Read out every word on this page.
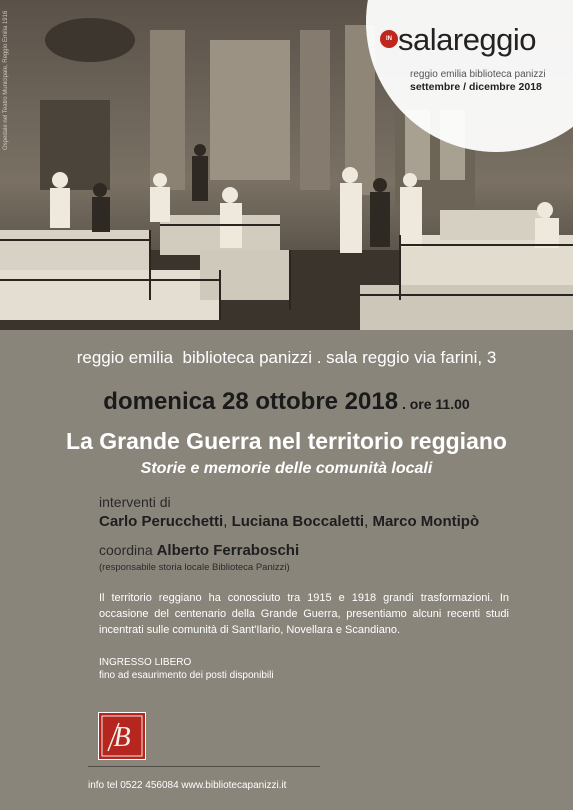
Ospedale nel Teatro Municipale, Reggio Emilia 1916	IN salareggio
reggio emilia biblioteca panizzi
settembre / dicembre 2018
reggio emilia  biblioteca panizzi . sala reggio via farini, 3
domenica 28 ottobre 2018 . ore 11.00
La Grande Guerra nel territorio reggiano
Storie e memorie delle comunità locali
interventi di
Carlo Perucchetti, Luciana Boccaletti, Marco Montipò
coordina Alberto Ferraboschi
(responsabile storia locale Biblioteca Panizzi)
Il territorio reggiano ha conosciuto tra 1915 e 1918 grandi trasformazioni. In occasione del centenario della Grande Guerra, presentiamo alcuni recenti studi incentrati sulle comunità di Sant'Ilario, Novellara e Scandiano.
INGRESSO LIBERO
fino ad esaurimento dei posti disponibili
B
info tel 0522 456084 www.bibliotecapanizzi.it
